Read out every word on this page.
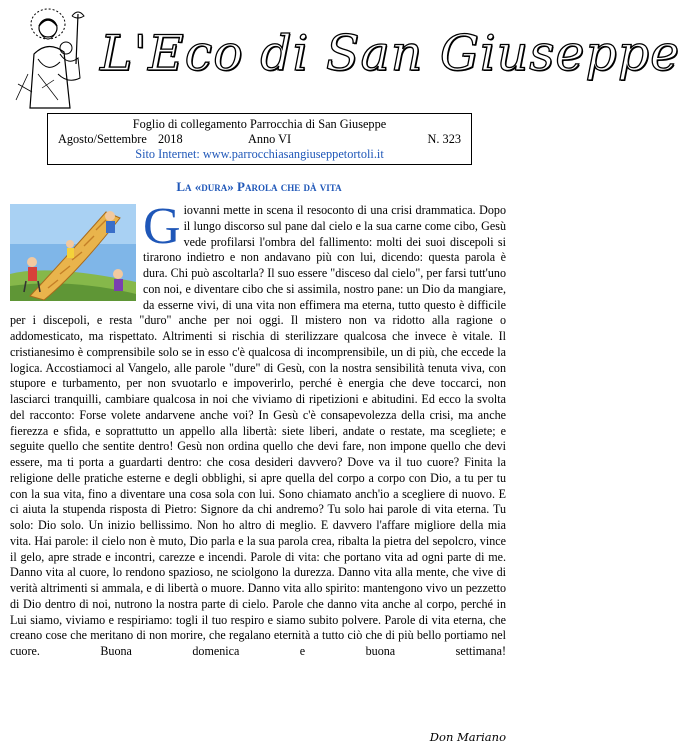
L'Eco di San Giuseppe
Foglio di collegamento Parrocchia di San Giuseppe
Agosto/Settembre 2018	Anno VI	N. 323
Sito Internet: www.parrocchiasangiuseppetortoli.it
La «dura» Parola che dà vita
G iovanni mette in scena il resoconto di una crisi drammatica. Dopo il lungo discorso sul pane dal cielo e la sua carne come cibo, Gesù vede profilarsi l'ombra del fallimento: molti dei suoi discepoli si tirarono indietro e non andavano più con lui, dicendo: questa parola è dura. Chi può ascoltarla? Il suo essere "disceso dal cielo", per farsi tutt'uno con noi, e diventare cibo che si assimila, nostro pane: un Dio da mangiare, da esserne vivi, di una vita non effimera ma eterna, tutto questo è difficile per i discepoli, e resta "duro" anche per noi oggi. Il mistero non va ridotto alla ragione o addomesticato, ma rispettato. Altrimenti si rischia di sterilizzare qualcosa che invece è vitale. Il cristianesimo è comprensibile solo se in esso c'è qualcosa di incomprensibile, un di più, che eccede la logica. Accostiamoci al Vangelo, alle parole "dure" di Gesù, con la nostra sensibilità tenuta viva, con stupore e turbamento, per non svuotarlo e impoverirlo, perché è energia che deve toccarci, non lasciarci tranquilli, cambiare qualcosa in noi che viviamo di ripetizioni e abitudini. Ed ecco la svolta del racconto: Forse volete andarvene anche voi? In Gesù c'è consapevolezza della crisi, ma anche fierezza e sfida, e soprattutto un appello alla libertà: siete liberi, andate o restate, ma scegliete; e seguite quello che sentite dentro! Gesù non ordina quello che devi fare, non impone quello che devi essere, ma ti porta a guardarti dentro: che cosa desideri davvero? Dove va il tuo cuore? Finita la religione delle pratiche esterne e degli obblighi, si apre quella del corpo a corpo con Dio, a tu per tu con la sua vita, fino a diventare una cosa sola con lui. Sono chiamato anch'io a scegliere di nuovo. E ci aiuta la stupenda risposta di Pietro: Signore da chi andremo? Tu solo hai parole di vita eterna. Tu solo: Dio solo. Un inizio bellissimo. Non ho altro di meglio. E davvero l'affare migliore della mia vita. Hai parole: il cielo non è muto, Dio parla e la sua parola crea, ribalta la pietra del sepolcro, vince il gelo, apre strade e incontri, carezze e incendi. Parole di vita: che portano vita ad ogni parte di me. Danno vita al cuore, lo rendono spazioso, ne sciolgono la durezza. Danno vita alla mente, che vive di verità altrimenti si ammala, e di libertà o muore. Danno vita allo spirito: mantengono vivo un pezzetto di Dio dentro di noi, nutrono la nostra parte di cielo. Parole che danno vita anche al corpo, perché in Lui siamo, viviamo e respiriamo: togli il tuo respiro e siamo subito polvere. Parole di vita eterna, che creano cose che meritano di non morire, che regalano eternità a tutto ciò che di più bello portiamo nel cuore. Buona domenica e buona settimana!
Don Mariano
